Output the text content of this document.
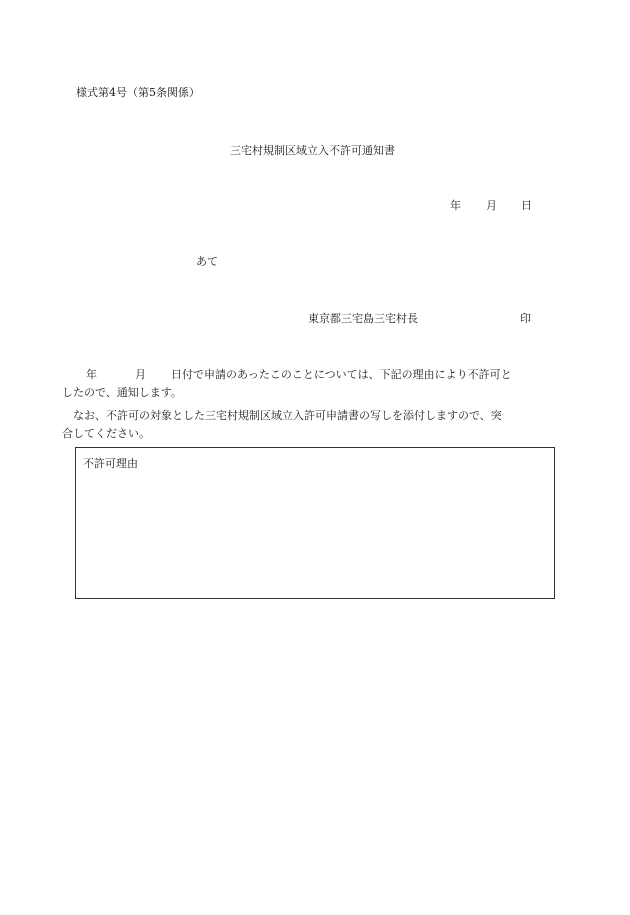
様式第4号（第5条関係）
三宅村規制区域立入不許可通知書
年 月 日
あて
東京都三宅島三宅村長	印
年	月 日付で申請のあったこのことについては、下記の理由により不許可と
したので、通知します。
　なお、不許可の対象とした三宅村規制区域立入許可申請書の写しを添付しますので、突
合してください。
不許可理由
